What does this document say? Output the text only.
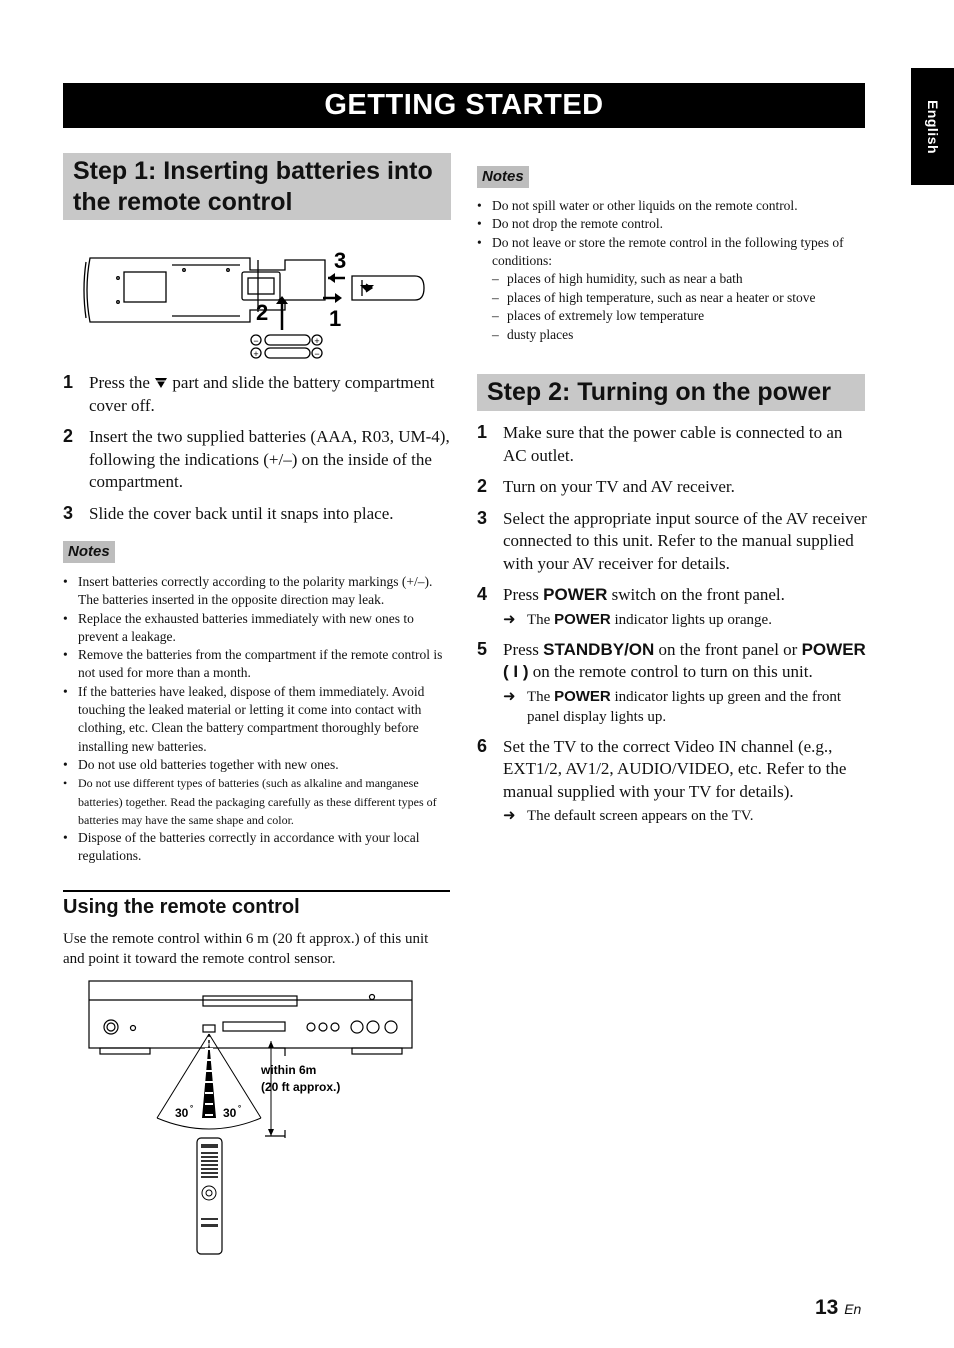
GETTING STARTED	English
Step 1: Inserting batteries into
the remote control
−	+
+	−
3
2	1
1 Press the part and slide the battery compartment cover off.
2 Insert the two supplied batteries (AAA, R03, UM-4), following the indications (+/–) on the inside of the compartment.
3 Slide the cover back until it snaps into place.
Notes
• Insert batteries correctly according to the polarity markings (+/–). The batteries inserted in the opposite direction may leak.
• Replace the exhausted batteries immediately with new ones to prevent a leakage.
• Remove the batteries from the compartment if the remote control is not used for more than a month.
• If the batteries have leaked, dispose of them immediately. Avoid touching the leaked material or letting it come into contact with clothing, etc. Clean the battery compartment thoroughly before installing new batteries.
• Do not use old batteries together with new ones.
• Do not use different types of batteries (such as alkaline and manganese batteries) together. Read the packaging carefully as these different types of batteries may have the same shape and color.
• Dispose of the batteries correctly in accordance with your local regulations.
Using the remote control
Use the remote control within 6 m (20 ft approx.) of this unit and point it toward the remote control sensor.
within 6m
(20 ft approx.)
30 ° 30 °
Notes
• Do not spill water or other liquids on the remote control.
• Do not drop the remote control.
• Do not leave or store the remote control in the following types of conditions:
– places of high humidity, such as near a bath
– places of high temperature, such as near a heater or stove
– places of extremely low temperature
– dusty places
Step 2: Turning on the power
1 Make sure that the power cable is connected to an AC outlet.
2 Turn on your TV and AV receiver.
3 Select the appropriate input source of the AV receiver connected to this unit. Refer to the manual supplied with your AV receiver for details.
4 Press POWER switch on the front panel.
➜ The POWER indicator lights up orange.
5 Press STANDBY/ON on the front panel or POWER ( I ) on the remote control to turn on this unit.
➜ The POWER indicator lights up green and the front panel display lights up.
6 Set the TV to the correct Video IN channel (e.g., EXT1/2, AV1/2, AUDIO/VIDEO, etc. Refer to the manual supplied with your TV for details).
➜ The default screen appears on the TV.
13 En
